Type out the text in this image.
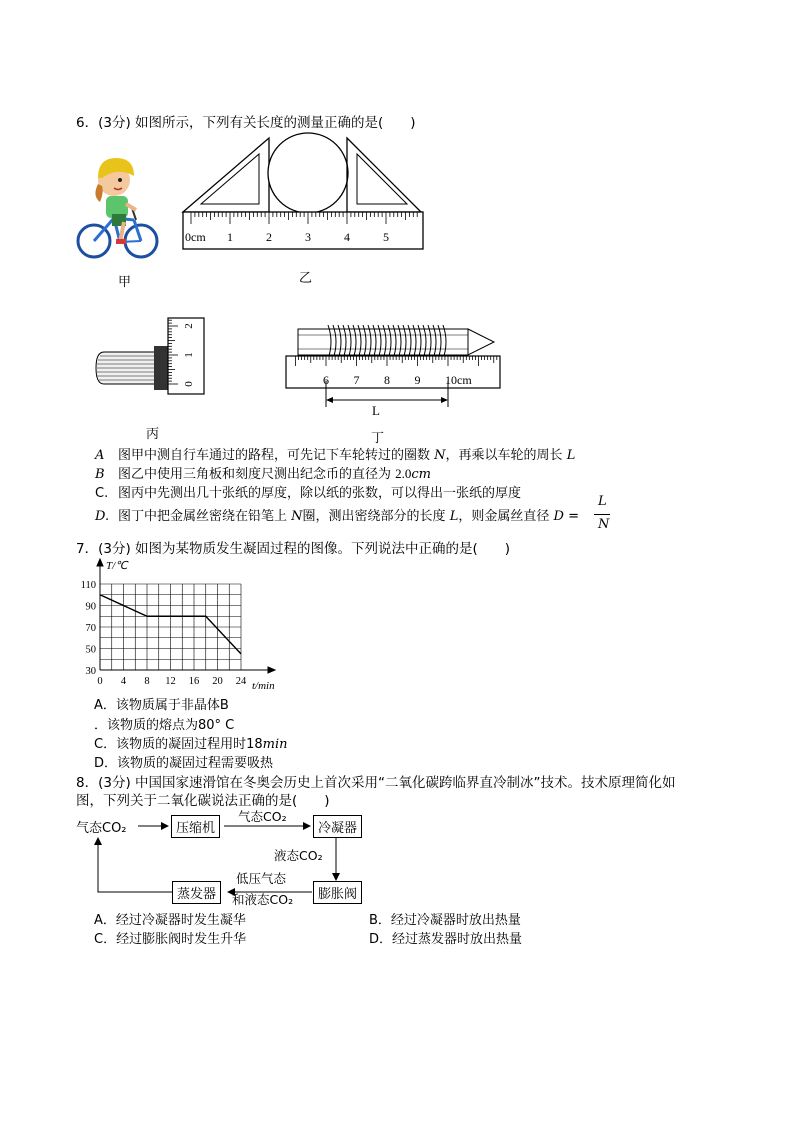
6．(3分) 如图所示，下列有关长度的测量正确的是(　　)
甲
0cm 1	2	3	4	5
乙
0
1
2
丙
6 7 8 9 10cm
L
丁
A 图甲中测自行车通过的路程，可先记下车轮转过的圈数 N，再乘以车轮的周长 L
B 图乙中使用三角板和刻度尺测出纪念币的直径为 2.0cm
C. 图丙中先测出几十张纸的厚度，除以纸的张数，可以得出一张纸的厚度
D. 图丁中把金属丝密绕在铅笔上 N圈，测出密绕部分的长度 L，则金属丝直径 D =
L
N
7．(3分) 如图为某物质发生凝固过程的图像。下列说法中正确的是(　　)
0 4 8 12 16 20 24
30
50
70
90
110
T/℃
t/min
A．该物质属于非晶体B
．该物质的熔点为80° C
C．该物质的凝固过程用时18min
D．该物质的凝固过程需要吸热
8．(3分) 中国国家速滑馆在冬奥会历史上首次采用“二氧化碳跨临界直冷制冰”技术。技术原理简化如
图，下列关于二氧化碳说法正确的是(　　)
气态CO₂	压缩机
气态CO₂
冷凝器
液态CO₂
膨胀阀
低压气态
和液态CO₂
蒸发器
A．经过冷凝器时发生凝华	B．经过冷凝器时放出热量
C．经过膨胀阀时发生升华	D．经过蒸发器时放出热量
